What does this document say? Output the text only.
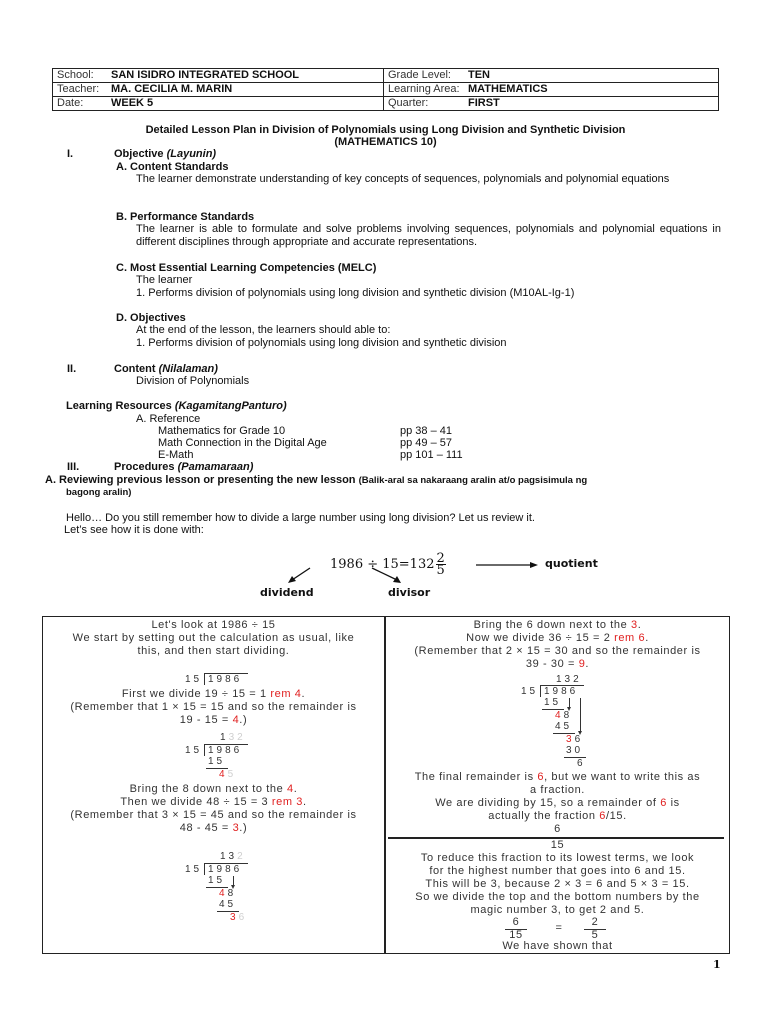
School: SAN ISIDRO INTEGRATED SCHOOL	Grade Level: TEN
Teacher: MA. CECILIA M. MARIN	Learning Area: MATHEMATICS
Date: WEEK 5	Quarter: FIRST
Detailed Lesson Plan in Division of Polynomials using Long Division and Synthetic Division
(MATHEMATICS 10)
I.	Objective (Layunin)
A. Content Standards
The learner demonstrate understanding of key concepts of sequences, polynomials and polynomial equations
B. Performance Standards
The learner is able to formulate and solve problems involving sequences, polynomials and polynomial equations in different disciplines through appropriate and accurate representations.
C. Most Essential Learning Competencies (MELC)
The learner
1. Performs division of polynomials using long division and synthetic division (M10AL-Ig-1)
D. Objectives
At the end of the lesson, the learners should able to:
1. Performs division of polynomials using long division and synthetic division
II.	Content (Nilalaman)
Division of Polynomials
Learning Resources (KagamitangPanturo)
A. Reference
Mathematics for Grade 10	pp 38 – 41
Math Connection in the Digital Age	pp 49 – 57
E-Math	pp 101 – 111
III.	Procedures (Pamamaraan)
A. Reviewing previous lesson or presenting the new lesson (Balik-aral sa nakaraang aralin at/o pagsisimula ng
bagong aralin)
Hello… Do you still remember how to divide a large number using long division? Let us review it.
Let’s see how it is done with:
$1986 \div 15=132 \frac{2}{5}$	quotient
dividend	divisor
Let's look at 1986 ÷ 15
We start by setting out the calculation as usual, like
this, and then start dividing.
15 1986
First we divide 19 ÷ 15 = 1 rem 4.
(Remember that 1 × 15 = 15 and so the remainder is
19 - 15 = 4.)
132
15 1986
15
45
Bring the 8 down next to the 4.
Then we divide 48 ÷ 15 = 3 rem 3.
(Remember that 3 × 15 = 45 and so the remainder is
48 - 45 = 3.)
132
15 1986
15
48
45
36
Bring the 6 down next to the 3.
Now we divide 36 ÷ 15 = 2 rem 6.
(Remember that 2 × 15 = 30 and so the remainder is
39 - 30 = 9.
132
15 1986
15
48
45
36
30
6
The final remainder is 6, but we want to write this as
a fraction.
We are dividing by 15, so a remainder of 6 is
actually the fraction 6/15.
6
15
To reduce this fraction to its lowest terms, we look
for the highest number that goes into 6 and 15.
This will be 3, because 2 × 3 = 6 and 5 × 3 = 15.
So we divide the top and the bottom numbers by the
magic number 3, to get 2 and 5.
6
15
=	2
5
We have shown that
1
